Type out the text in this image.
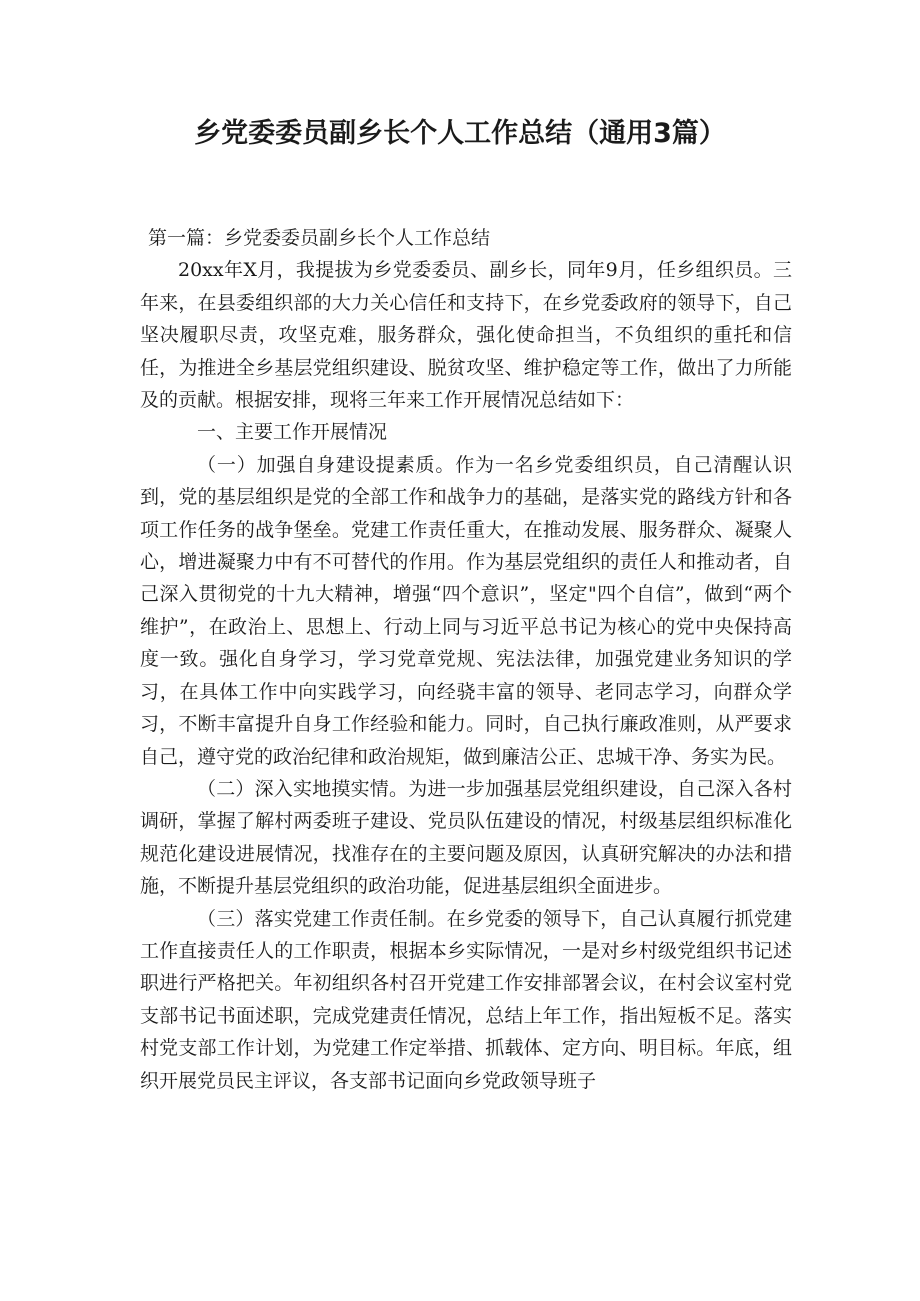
乡党委委员副乡长个人工作总结（通用3篇）

第一篇：乡党委委员副乡长个人工作总结

20xx年X月，我提拔为乡党委委员、副乡长，同年9月，任乡组织员。三年来，在县委组织部的大力关心信任和支持下，在乡党委政府的领导下，自己坚决履职尽责，攻坚克难，服务群众，强化使命担当，不负组织的重托和信任，为推进全乡基层党组织建设、脱贫攻坚、维护稳定等工作，做出了力所能及的贡献。根据安排，现将三年来工作开展情况总结如下：

一、主要工作开展情况

（一）加强自身建设提素质。作为一名乡党委组织员，自己清醒认识到，党的基层组织是党的全部工作和战争力的基础，是落实党的路线方针和各项工作任务的战争堡垒。党建工作责任重大，在推动发展、服务群众、凝聚人心，增进凝聚力中有不可替代的作用。作为基层党组织的责任人和推动者，自己深入贯彻党的十九大精神，增强“四个意识”，坚定"四个自信”，做到“两个维护”，在政治上、思想上、行动上同与习近平总书记为核心的党中央保持高度一致。强化自身学习，学习党章党规、宪法法律，加强党建业务知识的学习，在具体工作中向实践学习，向经骁丰富的领导、老同志学习，向群众学习，不断丰富提升自身工作经验和能力。同时，自己执行廉政准则，从严要求自己，遵守党的政治纪律和政治规矩，做到廉洁公正、忠城干净、务实为民。

（二）深入实地摸实情。为进一步加强基层党组织建设，自己深入各村调研，掌握了解村两委班子建设、党员队伍建设的情况，村级基层组织标准化规范化建设进展情况，找准存在的主要问题及原因，认真研究解决的办法和措施，不断提升基层党组织的政治功能，促进基层组织全面进步。

（三）落实党建工作责任制。在乡党委的领导下，自己认真履行抓党建工作直接责任人的工作职责，根据本乡实际情况，一是对乡村级党组织书记述职进行严格把关。年初组织各村召开党建工作安排部署会议，在村会议室村党支部书记书面述职，完成党建责任情况，总结上年工作，指出短板不足。落实村党支部工作计划，为党建工作定举措、抓载体、定方向、明目标。年底，组织开展党员民主评议，各支部书记面向乡党政领导班子
